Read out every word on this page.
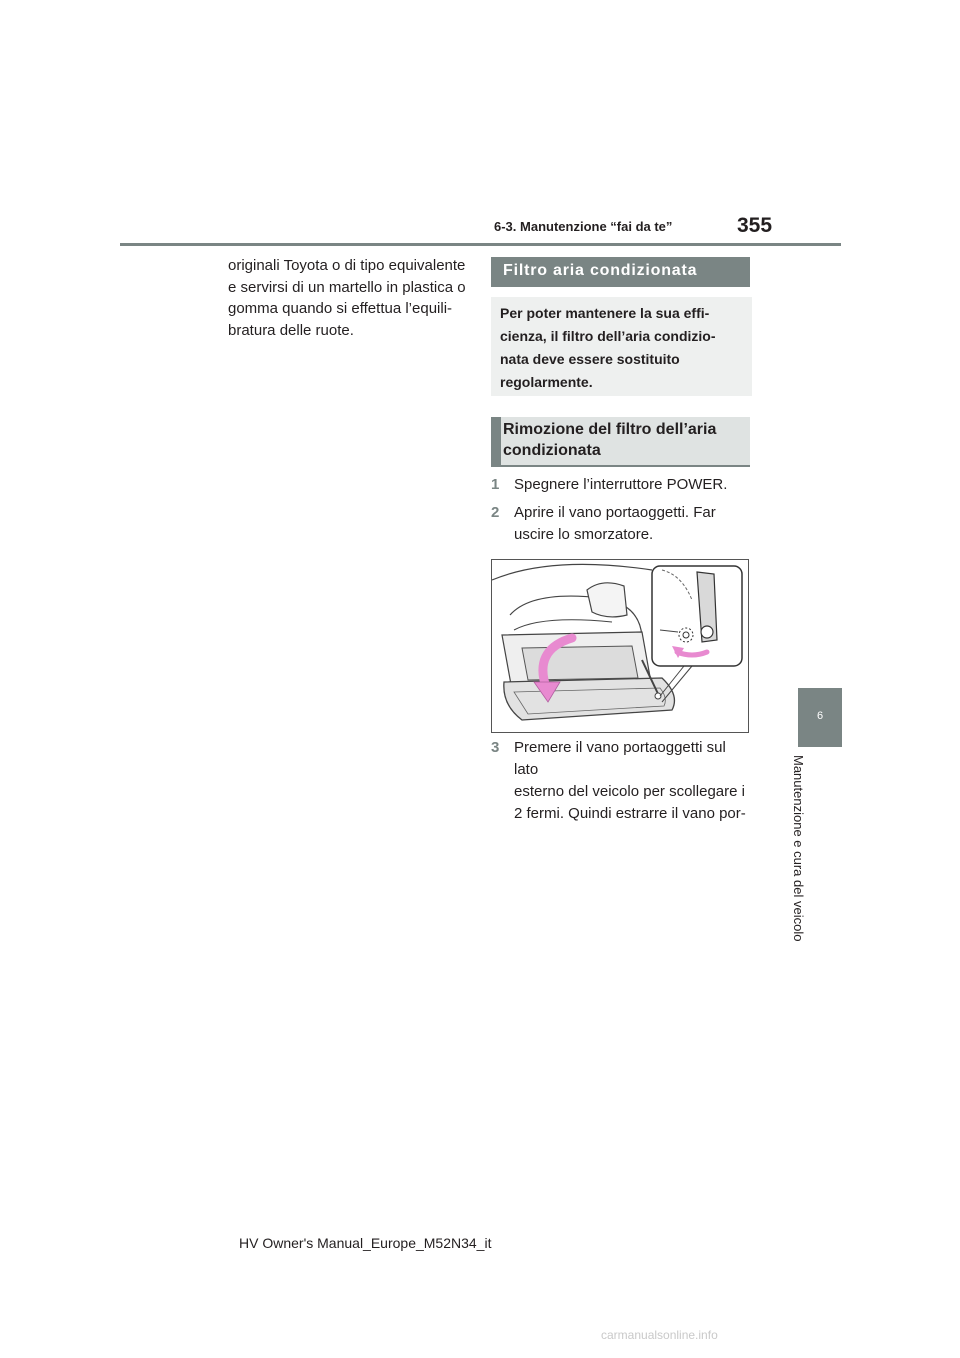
6-3. Manutenzione “fai da te”	355
originali Toyota o di tipo equivalente
e servirsi di un martello in plastica o
gomma quando si effettua l’equili-
bratura delle ruote.
Filtro aria condizionata
Per poter mantenere la sua effi-
cienza, il filtro dell’aria condizio-
nata deve essere sostituito
regolarmente.
Rimozione del filtro dell’aria
condizionata
1 Spegnere l’interruttore POWER.
2 Aprire il vano portaoggetti. Far
uscire lo smorzatore.
3 Premere il vano portaoggetti sul lato
esterno del veicolo per scollegare i
2 fermi. Quindi estrarre il vano por-
6
Manutenzione e cura del veicolo
HV Owner's Manual_Europe_M52N34_it
carmanualsonline.info
